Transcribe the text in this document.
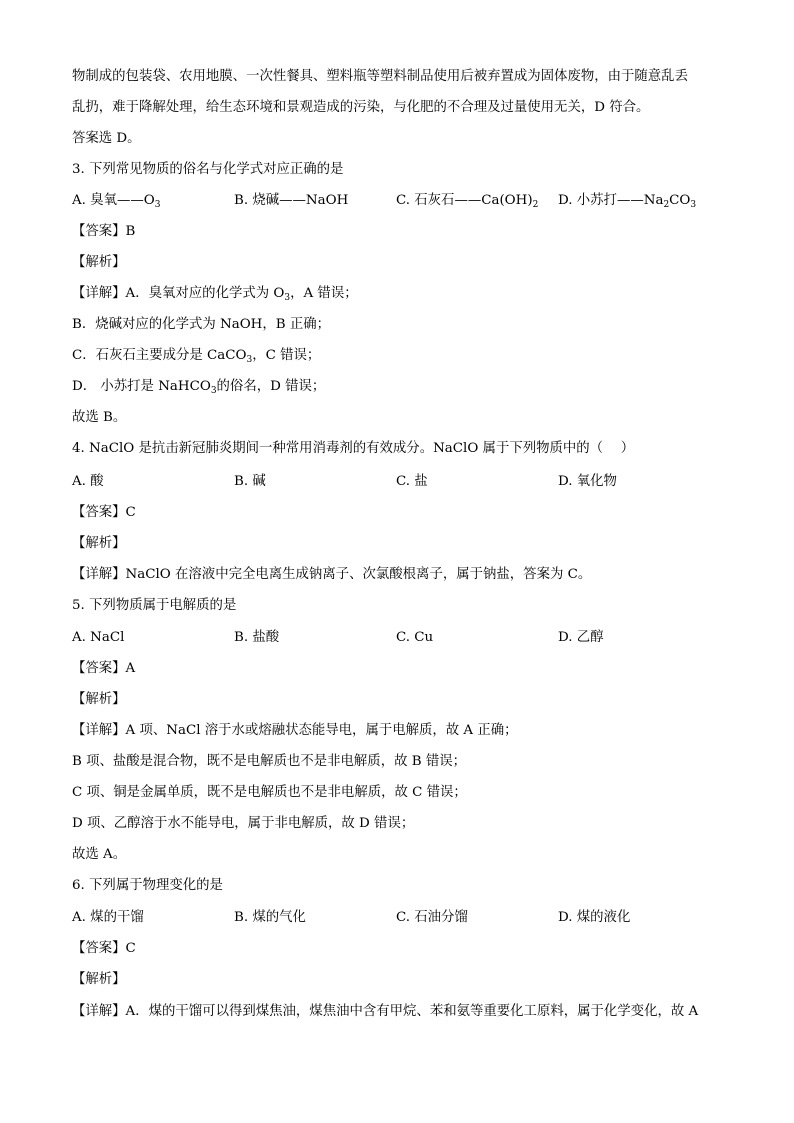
物制成的包装袋、农用地膜、一次性餐具、塑料瓶等塑料制品使用后被弃置成为固体废物，由于随意乱丢
乱扔，难于降解处理，给生态环境和景观造成的污染，与化肥的不合理及过量使用无关，D 符合。
答案选 D。
3. 下列常见物质的俗名与化学式对应正确的是
A. 臭氧$——O_3$	B. 烧碱——NaOH	C. 石灰石$——Ca(OH)_2$ D. 小苏打$——Na_2CO_3$
【答案】B
【解析】
【详解】A．臭氧对应的化学式为 $O_3$，A 错误；
B．烧碱对应的化学式为 NaOH，B 正确；
C．石灰石主要成分是 CaCO$_3$，C 错误；
D． 小苏打是 NaHCO$_3$的俗名，D 错误；
故选 B。
4. NaClO 是抗击新冠肺炎期间一种常用消毒剂的有效成分。NaClO 属于下列物质中的（　 ）
A. 酸	B. 碱	C. 盐	D. 氧化物
【答案】C
【解析】
【详解】NaClO 在溶液中完全电离生成钠离子、次氯酸根离子，属于钠盐，答案为 C。
5. 下列物质属于电解质的是
A. NaCl	B. 盐酸	C. Cu	D. 乙醇
【答案】A
【解析】
【详解】A 项、NaCl 溶于水或熔融状态能导电，属于电解质，故 A 正确；
B 项、盐酸是混合物，既不是电解质也不是非电解质，故 B 错误；
C 项、铜是金属单质，既不是电解质也不是非电解质，故 C 错误；
D 项、乙醇溶于水不能导电，属于非电解质，故 D 错误；
故选 A。
6. 下列属于物理变化的是
A. 煤的干馏	B. 煤的气化	C. 石油分馏	D. 煤的液化
【答案】C
【解析】
【详解】A．煤的干馏可以得到煤焦油，煤焦油中含有甲烷、苯和氨等重要化工原料，属于化学变化，故 A
